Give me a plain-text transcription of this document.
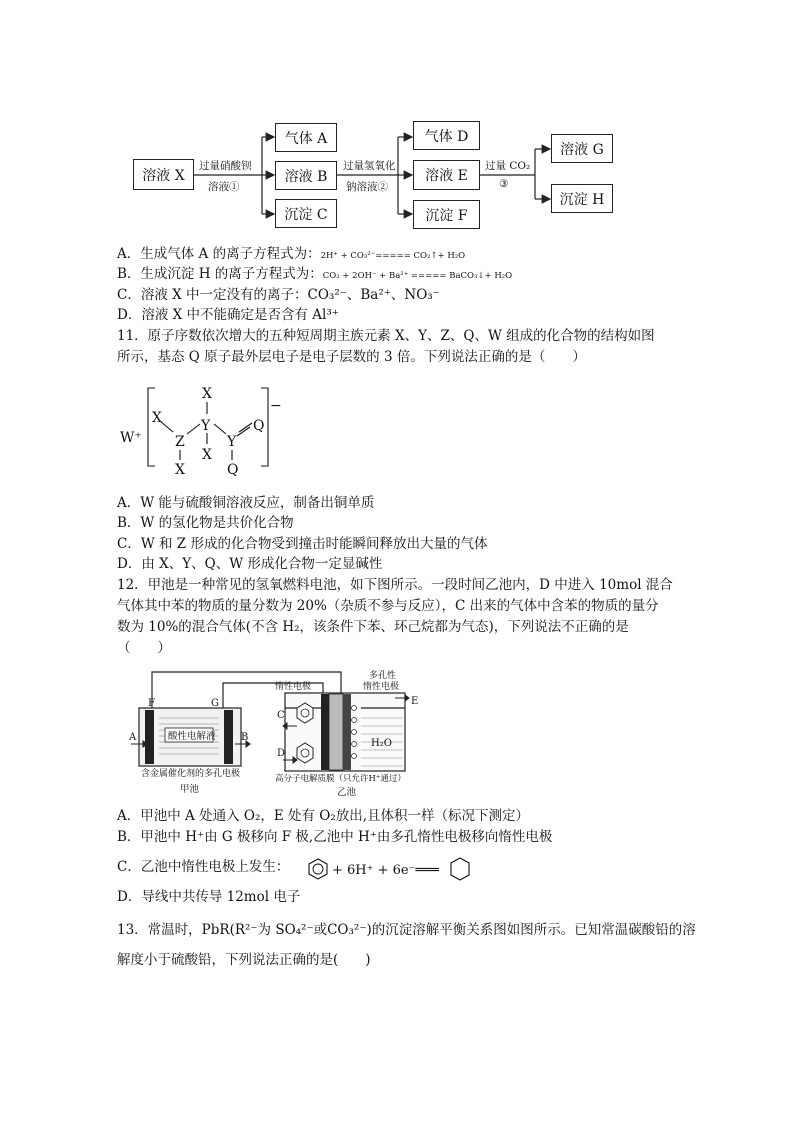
溶液 X
气体 A
溶液 B
沉淀 C
气体 D
溶液 E
沉淀 F
溶液 G
沉淀 H
过量硝酸钡
溶液①
过量氢氧化
钠溶液②
过量 CO₂
③
A．生成气体 A 的离子方程式为：2H⁺ + CO₃²⁻===== CO₂↑+ H₂O
B．生成沉淀 H 的离子方程式为：CO₂ + 2OH⁻ + Ba²⁺ ===== BaCO₃↓+ H₂O
C．溶液 X 中一定没有的离子：CO₃²⁻、Ba²⁺、NO₃⁻
D．溶液 X 中不能确定是否含有 Al³⁺
11．原子序数依次增大的五种短周期主族元素 X、Y、Z、Q、W 组成的化合物的结构如图
所示，基态 Q 原子最外层电子是电子层数的 3 倍。下列说法正确的是（　　）
W⁺
X
X
Z
Y
X
Y
Q
Q
X
−
A．W 能与硫酸铜溶液反应，制备出铜单质
B．W 的氢化物是共价化合物
C．W 和 Z 形成的化合物受到撞击时能瞬间释放出大量的气体
D．由 X、Y、Q、W 形成化合物一定显碱性
12．甲池是一种常见的氢氧燃料电池，如下图所示。一段时间乙池内，D 中进入 10mol 混合
气体其中苯的物质的量分数为 20%（杂质不参与反应），C 出来的气体中含苯的物质的量分
数为 10%的混合气体(不含 H₂，该条件下苯、环己烷都为气态)，下列说法不正确的是
（　　）
酸性电解液
F	G
A	B
含金属催化剂的多孔电极
甲池
H₂O
C
D
E
惰性电极
多孔性
惰性电极
高分子电解质膜（只允许H⁺通过）
乙池
A．甲池中 A 处通入 O₂，E 处有 O₂放出,且体积一样（标况下测定）
B．甲池中 H⁺由 G 极移向 F 极,乙池中 H⁺由多孔惰性电极移向惰性电极
C．乙池中惰性电极上发生：	+ 6H⁺ + 6e⁻═══
D．导线中共传导 12mol 电子
13．常温时，PbR(R²⁻为 SO₄²⁻或CO₃²⁻)的沉淀溶解平衡关系图如图所示。已知常温碳酸铅的溶
解度小于硫酸铅，下列说法正确的是(　　)
